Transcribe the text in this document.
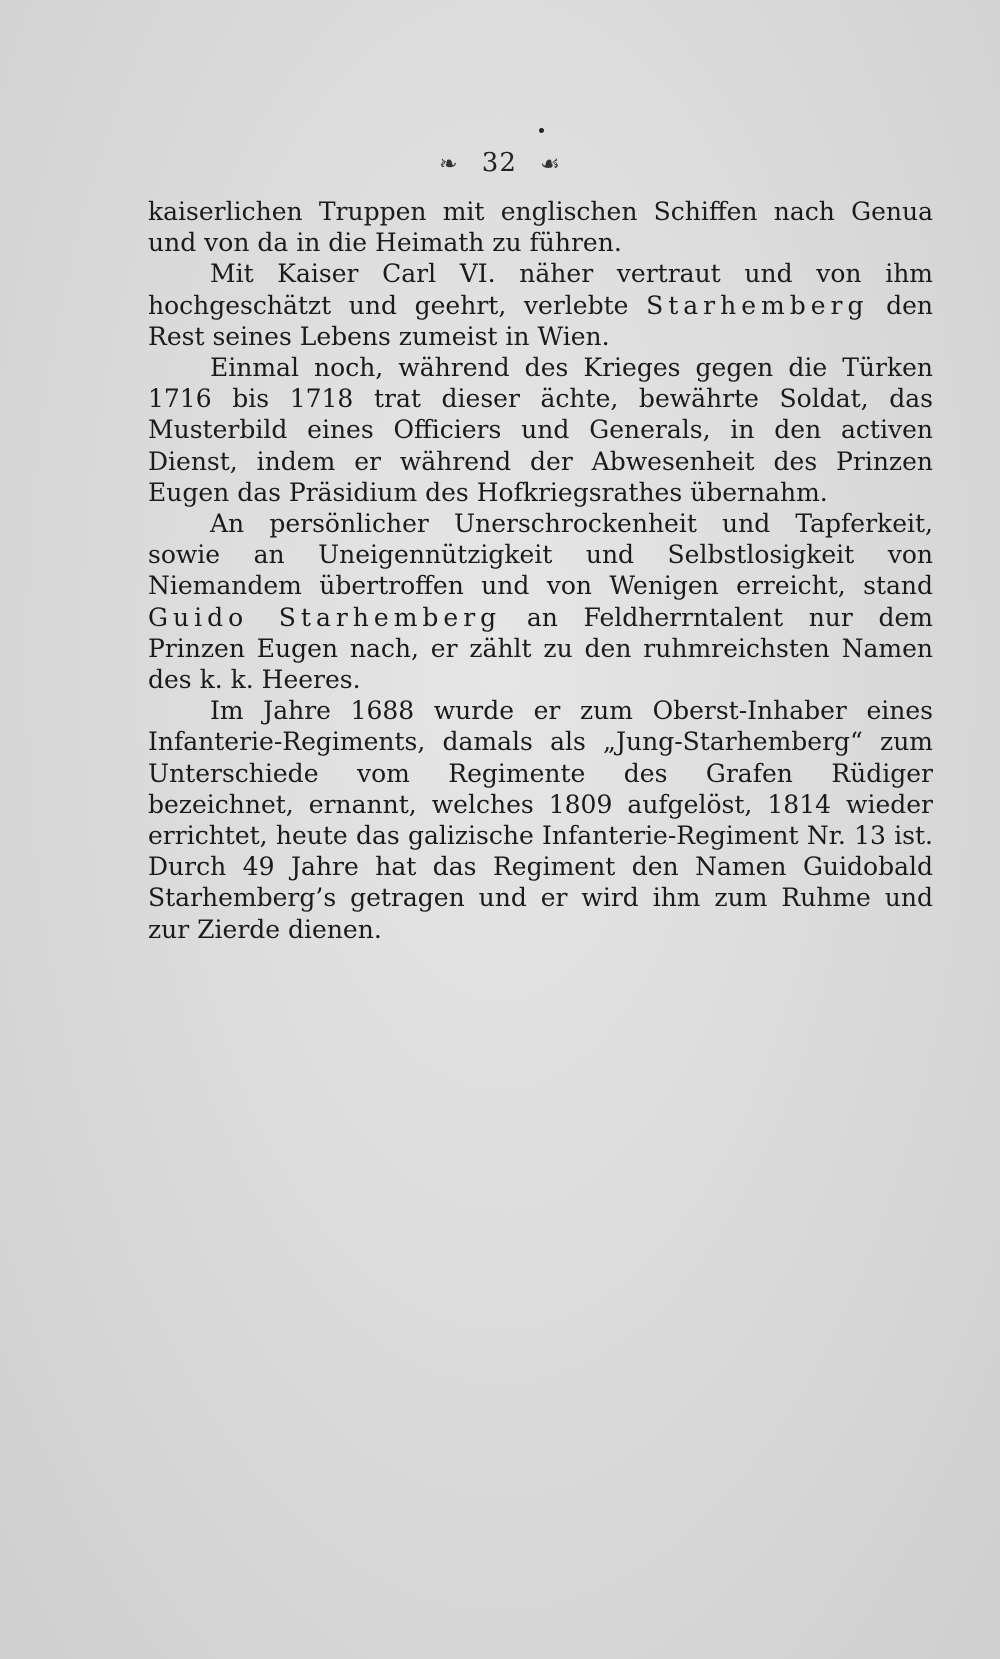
❧ 32 ☙

kaiserlichen Truppen mit englischen Schiffen nach Genua und von da in die Heimath zu führen.

Mit Kaiser Carl VI. näher vertraut und von ihm hochgeschätzt und geehrt, verlebte Starhemberg den Rest seines Lebens zumeist in Wien.

Einmal noch, während des Krieges gegen die Türken 1716 bis 1718 trat dieser ächte, bewährte Soldat, das Musterbild eines Officiers und Generals, in den activen Dienst, indem er während der Abwesenheit des Prinzen Eugen das Präsidium des Hofkriegsrathes übernahm.

An persönlicher Unerschrockenheit und Tapferkeit, sowie an Uneigennützigkeit und Selbstlosigkeit von Niemandem übertroffen und von Wenigen erreicht, stand Guido Starhemberg an Feldherrntalent nur dem Prinzen Eugen nach, er zählt zu den ruhmreichsten Namen des k. k. Heeres.

Im Jahre 1688 wurde er zum Oberst-Inhaber eines Infanterie-Regiments, damals als „Jung-Starhemberg“ zum Unterschiede vom Regimente des Grafen Rüdiger bezeichnet, ernannt, welches 1809 aufgelöst, 1814 wieder errichtet, heute das galizische Infanterie-Regiment Nr. 13 ist. Durch 49 Jahre hat das Regiment den Namen Guidobald Starhemberg’s getragen und er wird ihm zum Ruhme und zur Zierde dienen.
